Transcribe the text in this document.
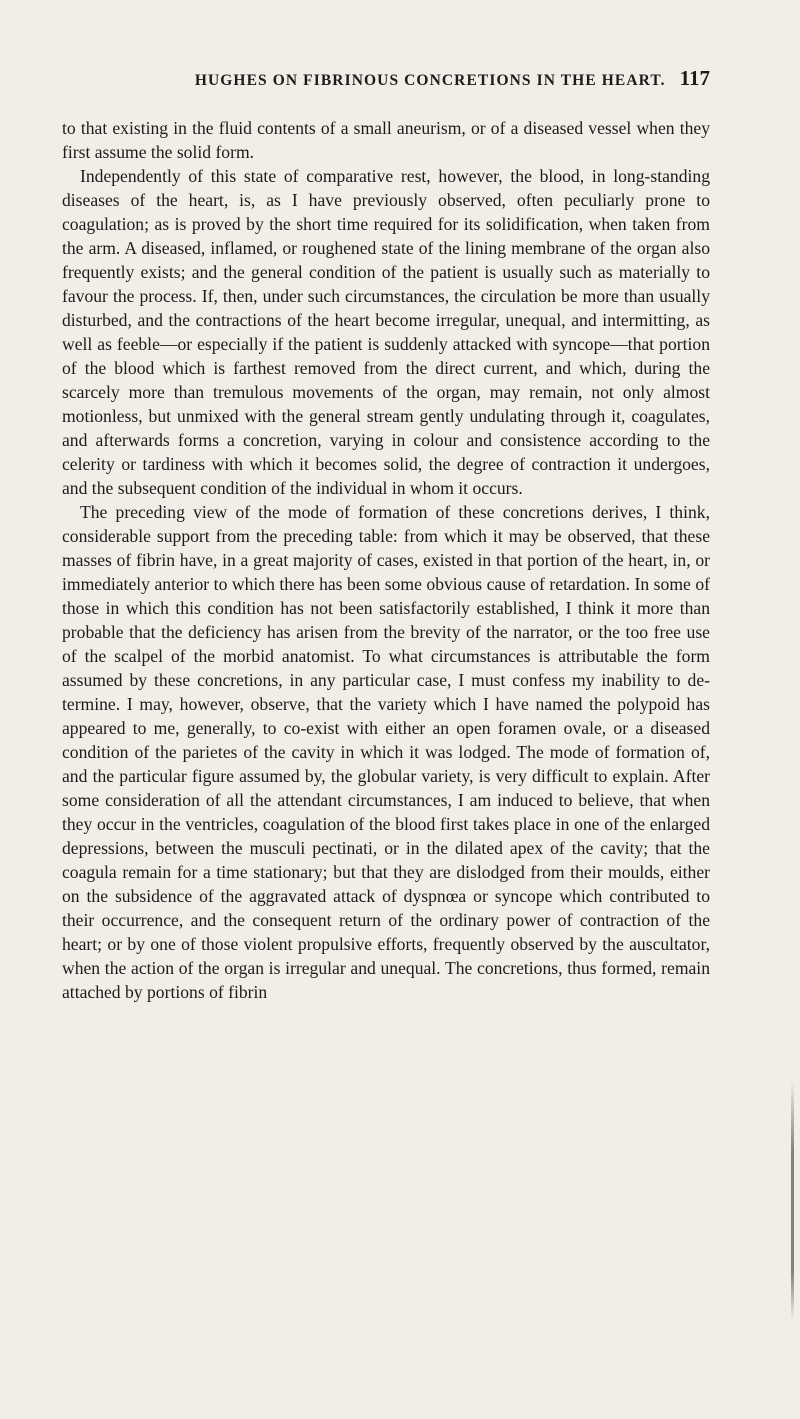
HUGHES ON FIBRINOUS CONCRETIONS IN THE HEART. 117

to that existing in the fluid contents of a small aneurism, or of a diseased vessel when they first assume the solid form.

Independently of this state of comparative rest, however, the blood, in long-standing diseases of the heart, is, as I have previously observed, often peculiarly prone to coagulation; as is proved by the short time required for its solidification, when taken from the arm. A diseased, inflamed, or roughened state of the lining membrane of the organ also frequently exists; and the general condition of the patient is usually such as materially to favour the process. If, then, under such circumstances, the circulation be more than usually disturbed, and the contractions of the heart become irregular, unequal, and intermitting, as well as feeble—or especially if the patient is suddenly attacked with syncope—that portion of the blood which is farthest removed from the direct current, and which, during the scarcely more than tremulous movements of the organ, may remain, not only almost motionless, but unmixed with the general stream gently undulating through it, coagulates, and afterwards forms a concretion, varying in colour and consistence according to the celerity or tardiness with which it becomes solid, the degree of contraction it undergoes, and the subsequent condition of the individual in whom it occurs.

The preceding view of the mode of formation of these concretions derives, I think, considerable support from the preceding table: from which it may be observed, that these masses of fibrin have, in a great majority of cases, existed in that portion of the heart, in, or immediately anterior to which there has been some obvious cause of retardation. In some of those in which this condition has not been satisfactorily established, I think it more than probable that the deficiency has arisen from the brevity of the narrator, or the too free use of the scalpel of the morbid anatomist. To what circumstances is attributable the form assumed by these concretions, in any particular case, I must confess my inability to determine. I may, however, observe, that the variety which I have named the polypoid has appeared to me, generally, to co-exist with either an open foramen ovale, or a diseased condition of the parietes of the cavity in which it was lodged. The mode of formation of, and the particular figure assumed by, the globular variety, is very difficult to explain. After some consideration of all the attendant circumstances, I am induced to believe, that when they occur in the ventricles, coagulation of the blood first takes place in one of the enlarged depressions, between the musculi pectinati, or in the dilated apex of the cavity; that the coagula remain for a time stationary; but that they are dislodged from their moulds, either on the subsidence of the aggravated attack of dyspnœa or syncope which contributed to their occurrence, and the consequent return of the ordinary power of contraction of the heart; or by one of those violent propulsive efforts, frequently observed by the auscultator, when the action of the organ is irregular and unequal. The concretions, thus formed, remain attached by portions of fibrin
